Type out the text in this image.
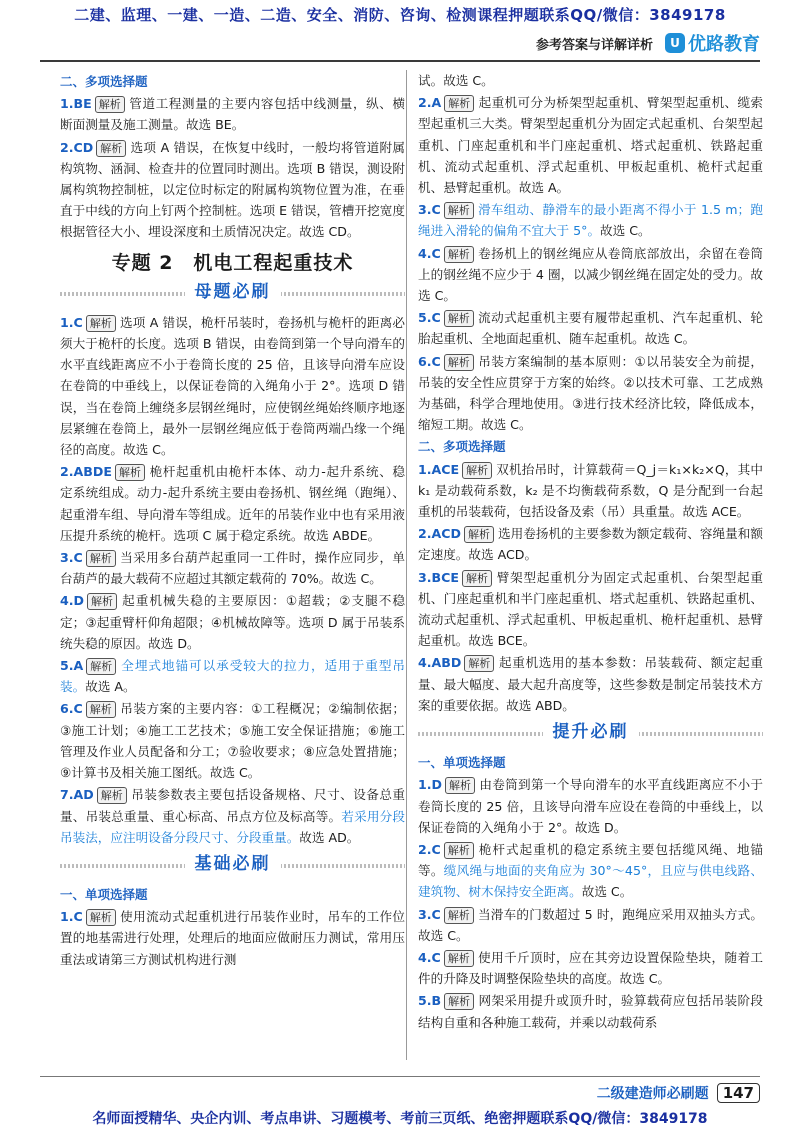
二建、监理、一建、一造、二造、安全、消防、咨询、检测课程押题联系QQ/微信：3849178
参考答案与详解详析	U 优路教育
二、多项选择题
1.BE 解析 管道工程测量的主要内容包括中线测量，纵、横断面测量及施工测量。故选 BE。
2.CD 解析 选项 A 错误，在恢复中线时，一般均将管道附属构筑物、涵洞、检查井的位置同时测出。选项 B 错误，测设附属构筑物控制桩，以定位时标定的附属构筑物位置为准，在垂直于中线的方向上钉两个控制桩。选项 E 错误，管槽开挖宽度根据管径大小、埋设深度和土质情况决定。故选 CD。
专题 2　机电工程起重技术
母题必刷
1.C 解析 选项 A 错误，桅杆吊装时，卷扬机与桅杆的距离必须大于桅杆的长度。选项 B 错误，由卷筒到第一个导向滑车的水平直线距离应不小于卷筒长度的 25 倍，且该导向滑车应设在卷筒的中垂线上，以保证卷筒的入绳角小于 2°。选项 D 错误，当在卷筒上缠绕多层钢丝绳时，应使钢丝绳始终顺序地逐层紧缠在卷筒上，最外一层钢丝绳应低于卷筒两端凸缘一个绳径的高度。故选 C。
2.ABDE 解析 桅杆起重机由桅杆本体、动力-起升系统、稳定系统组成。动力-起升系统主要由卷扬机、钢丝绳（跑绳）、起重滑车组、导向滑车等组成。近年的吊装作业中也有采用液压提升系统的桅杆。选项 C 属于稳定系统。故选 ABDE。
3.C 解析 当采用多台葫芦起重同一工件时，操作应同步，单台葫芦的最大载荷不应超过其额定载荷的 70%。故选 C。
4.D 解析 起重机械失稳的主要原因：①超载；②支腿不稳定；③起重臂杆仰角超限；④机械故障等。选项 D 属于吊装系统失稳的原因。故选 D。
5.A 解析 全埋式地锚可以承受较大的拉力，适用于重型吊装。故选 A。
6.C 解析 吊装方案的主要内容：①工程概况；②编制依据；③施工计划；④施工工艺技术；⑤施工安全保证措施；⑥施工管理及作业人员配备和分工；⑦验收要求；⑧应急处置措施；⑨计算书及相关施工图纸。故选 C。
7.AD 解析 吊装参数表主要包括设备规格、尺寸、设备总重量、吊装总重量、重心标高、吊点方位及标高等。若采用分段吊装法，应注明设备分段尺寸、分段重量。故选 AD。
基础必刷
一、单项选择题
1.C 解析 使用流动式起重机进行吊装作业时，吊车的工作位置的地基需进行处理，处理后的地面应做耐压力测试，常用压重法或请第三方测试机构进行测
试。故选 C。
2.A 解析 起重机可分为桥架型起重机、臂架型起重机、缆索型起重机三大类。臂架型起重机分为固定式起重机、台架型起重机、门座起重机和半门座起重机、塔式起重机、铁路起重机、流动式起重机、浮式起重机、甲板起重机、桅杆式起重机、悬臂起重机。故选 A。
3.C 解析 滑车组动、静滑车的最小距离不得小于 1.5 m；跑绳进入滑轮的偏角不宜大于 5°。故选 C。
4.C 解析 卷扬机上的钢丝绳应从卷筒底部放出，余留在卷筒上的钢丝绳不应少于 4 圈，以减少钢丝绳在固定处的受力。故选 C。
5.C 解析 流动式起重机主要有履带起重机、汽车起重机、轮胎起重机、全地面起重机、随车起重机。故选 C。
6.C 解析 吊装方案编制的基本原则：①以吊装安全为前提，吊装的安全性应贯穿于方案的始终。②以技术可靠、工艺成熟为基础，科学合理地使用。③进行技术经济比较，降低成本，缩短工期。故选 C。
二、多项选择题
1.ACE 解析 双机抬吊时，计算载荷＝Q_j＝k₁×k₂×Q，其中 k₁ 是动载荷系数，k₂ 是不均衡载荷系数，Q 是分配到一台起重机的吊装载荷，包括设备及索（吊）具重量。故选 ACE。
2.ACD 解析 选用卷扬机的主要参数为额定载荷、容绳量和额定速度。故选 ACD。
3.BCE 解析 臂架型起重机分为固定式起重机、台架型起重机、门座起重机和半门座起重机、塔式起重机、铁路起重机、流动式起重机、浮式起重机、甲板起重机、桅杆起重机、悬臂起重机。故选 BCE。
4.ABD 解析 起重机选用的基本参数：吊装载荷、额定起重量、最大幅度、最大起升高度等，这些参数是制定吊装技术方案的重要依据。故选 ABD。
提升必刷
一、单项选择题
1.D 解析 由卷筒到第一个导向滑车的水平直线距离应不小于卷筒长度的 25 倍，且该导向滑车应设在卷筒的中垂线上，以保证卷筒的入绳角小于 2°。故选 D。
2.C 解析 桅杆式起重机的稳定系统主要包括缆风绳、地锚等。缆风绳与地面的夹角应为 30°～45°，且应与供电线路、建筑物、树木保持安全距离。故选 C。
3.C 解析 当滑车的门数超过 5 时，跑绳应采用双抽头方式。故选 C。
4.C 解析 使用千斤顶时，应在其旁边设置保险垫块，随着工件的升降及时调整保险垫块的高度。故选 C。
5.B 解析 网架采用提升或顶升时，验算载荷应包括吊装阶段结构自重和各种施工载荷，并乘以动载荷系
二级建造师必刷题 147
名师面授精华、央企内训、考点串讲、习题模考、考前三页纸、绝密押题联系QQ/微信：3849178
